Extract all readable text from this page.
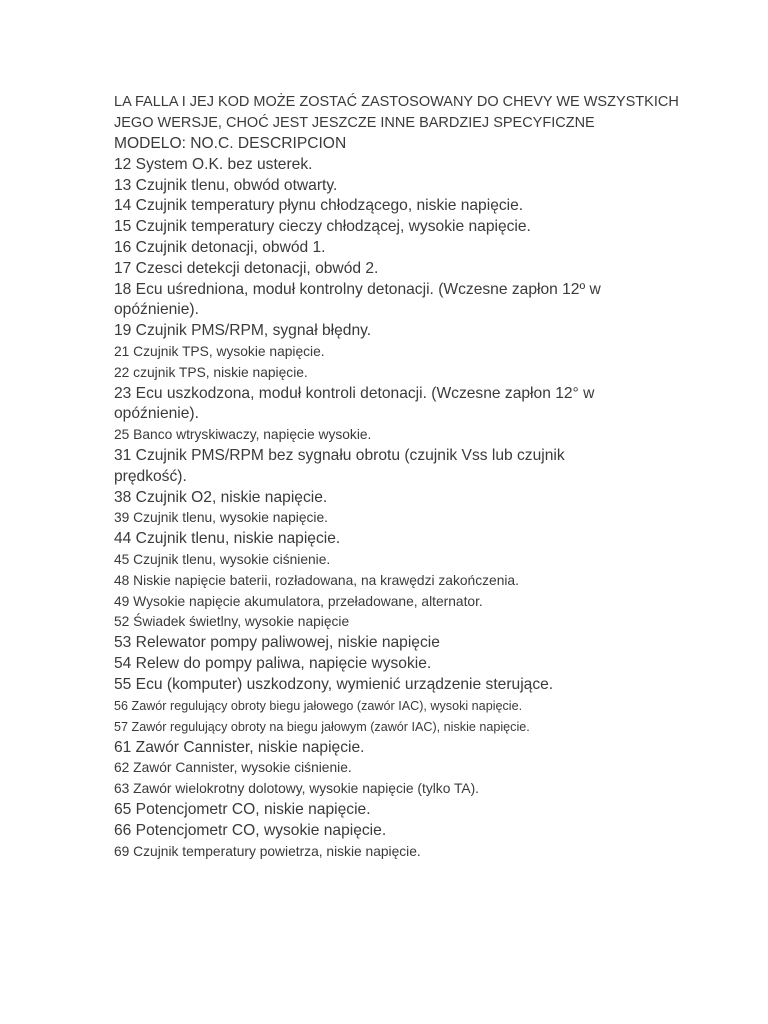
LA FALLA I JEJ KOD MOŻE ZOSTAĆ ZASTOSOWANY DO CHEVY WE WSZYSTKICH
JEGO WERSJE, CHOĆ JEST JESZCZE INNE BARDZIEJ SPECYFICZNE
MODELO: NO.C. DESCRIPCION
12 System O.K. bez usterek.
13 Czujnik tlenu, obwód otwarty.
14 Czujnik temperatury płynu chłodzącego, niskie napięcie.
15 Czujnik temperatury cieczy chłodzącej, wysokie napięcie.
16 Czujnik detonacji, obwód 1.
17 Czesci detekcji detonacji, obwód 2.
18 Ecu uśredniona, moduł kontrolny detonacji. (Wczesne zapłon 12º w
opóźnienie).
19 Czujnik PMS/RPM, sygnał błędny.
21 Czujnik TPS, wysokie napięcie.
22 czujnik TPS, niskie napięcie.
23 Ecu uszkodzona, moduł kontroli detonacji. (Wczesne zapłon 12° w
opóźnienie).
25 Banco wtryskiwaczy, napięcie wysokie.
31 Czujnik PMS/RPM bez sygnału obrotu (czujnik Vss lub czujnik
prędkość).
38 Czujnik O2, niskie napięcie.
39 Czujnik tlenu, wysokie napięcie.
44 Czujnik tlenu, niskie napięcie.
45 Czujnik tlenu, wysokie ciśnienie.
48 Niskie napięcie baterii, rozładowana, na krawędzi zakończenia.
49 Wysokie napięcie akumulatora, przeładowane, alternator.
52 Świadek świetlny, wysokie napięcie
53 Relewator pompy paliwowej, niskie napięcie
54 Relew do pompy paliwa, napięcie wysokie.
55 Ecu (komputer) uszkodzony, wymienić urządzenie sterujące.
56 Zawór regulujący obroty biegu jałowego (zawór IAC), wysoki napięcie.
57 Zawór regulujący obroty na biegu jałowym (zawór IAC), niskie napięcie.
61 Zawór Cannister, niskie napięcie.
62 Zawór Cannister, wysokie ciśnienie.
63 Zawór wielokrotny dolotowy, wysokie napięcie (tylko TA).
65 Potencjometr CO, niskie napięcie.
66 Potencjometr CO, wysokie napięcie.
69 Czujnik temperatury powietrza, niskie napięcie.
